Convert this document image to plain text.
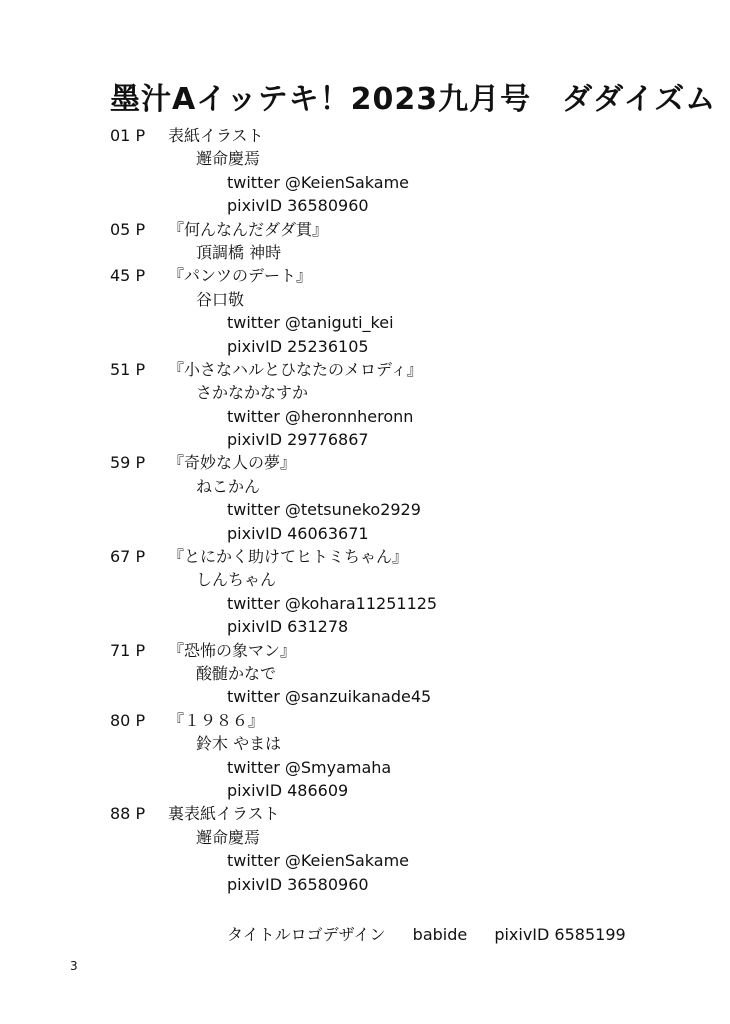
墨汁Aイッテキ！2023九月号　ダダイズム
01 P 表紙イラスト
邂命慶焉
twitter @KeienSakame
pixivID 36580960
05 P 『何んなんだダダ貫』
頂調橋 神時
45 P 『パンツのデート』
谷口敬
twitter @taniguti_kei
pixivID 25236105
51 P 『小さなハルとひなたのメロディ』
さかなかなすか
twitter @heronnheronn
pixivID 29776867
59 P 『奇妙な人の夢』
ねこかん
twitter @tetsuneko2929
pixivID 46063671
67 P 『とにかく助けてヒトミちゃん』
しんちゃん
twitter @kohara11251125
pixivID 631278
71 P 『恐怖の象マン』
酸髄かなで
twitter @sanzuikanade45
80 P 『１９８６』
鈴木 やまは
twitter @Smyamaha
pixivID 486609
88 P 裏表紙イラスト
邂命慶焉
twitter @KeienSakame
pixivID 36580960
タイトルロゴデザイン babide pixivID 6585199
3
